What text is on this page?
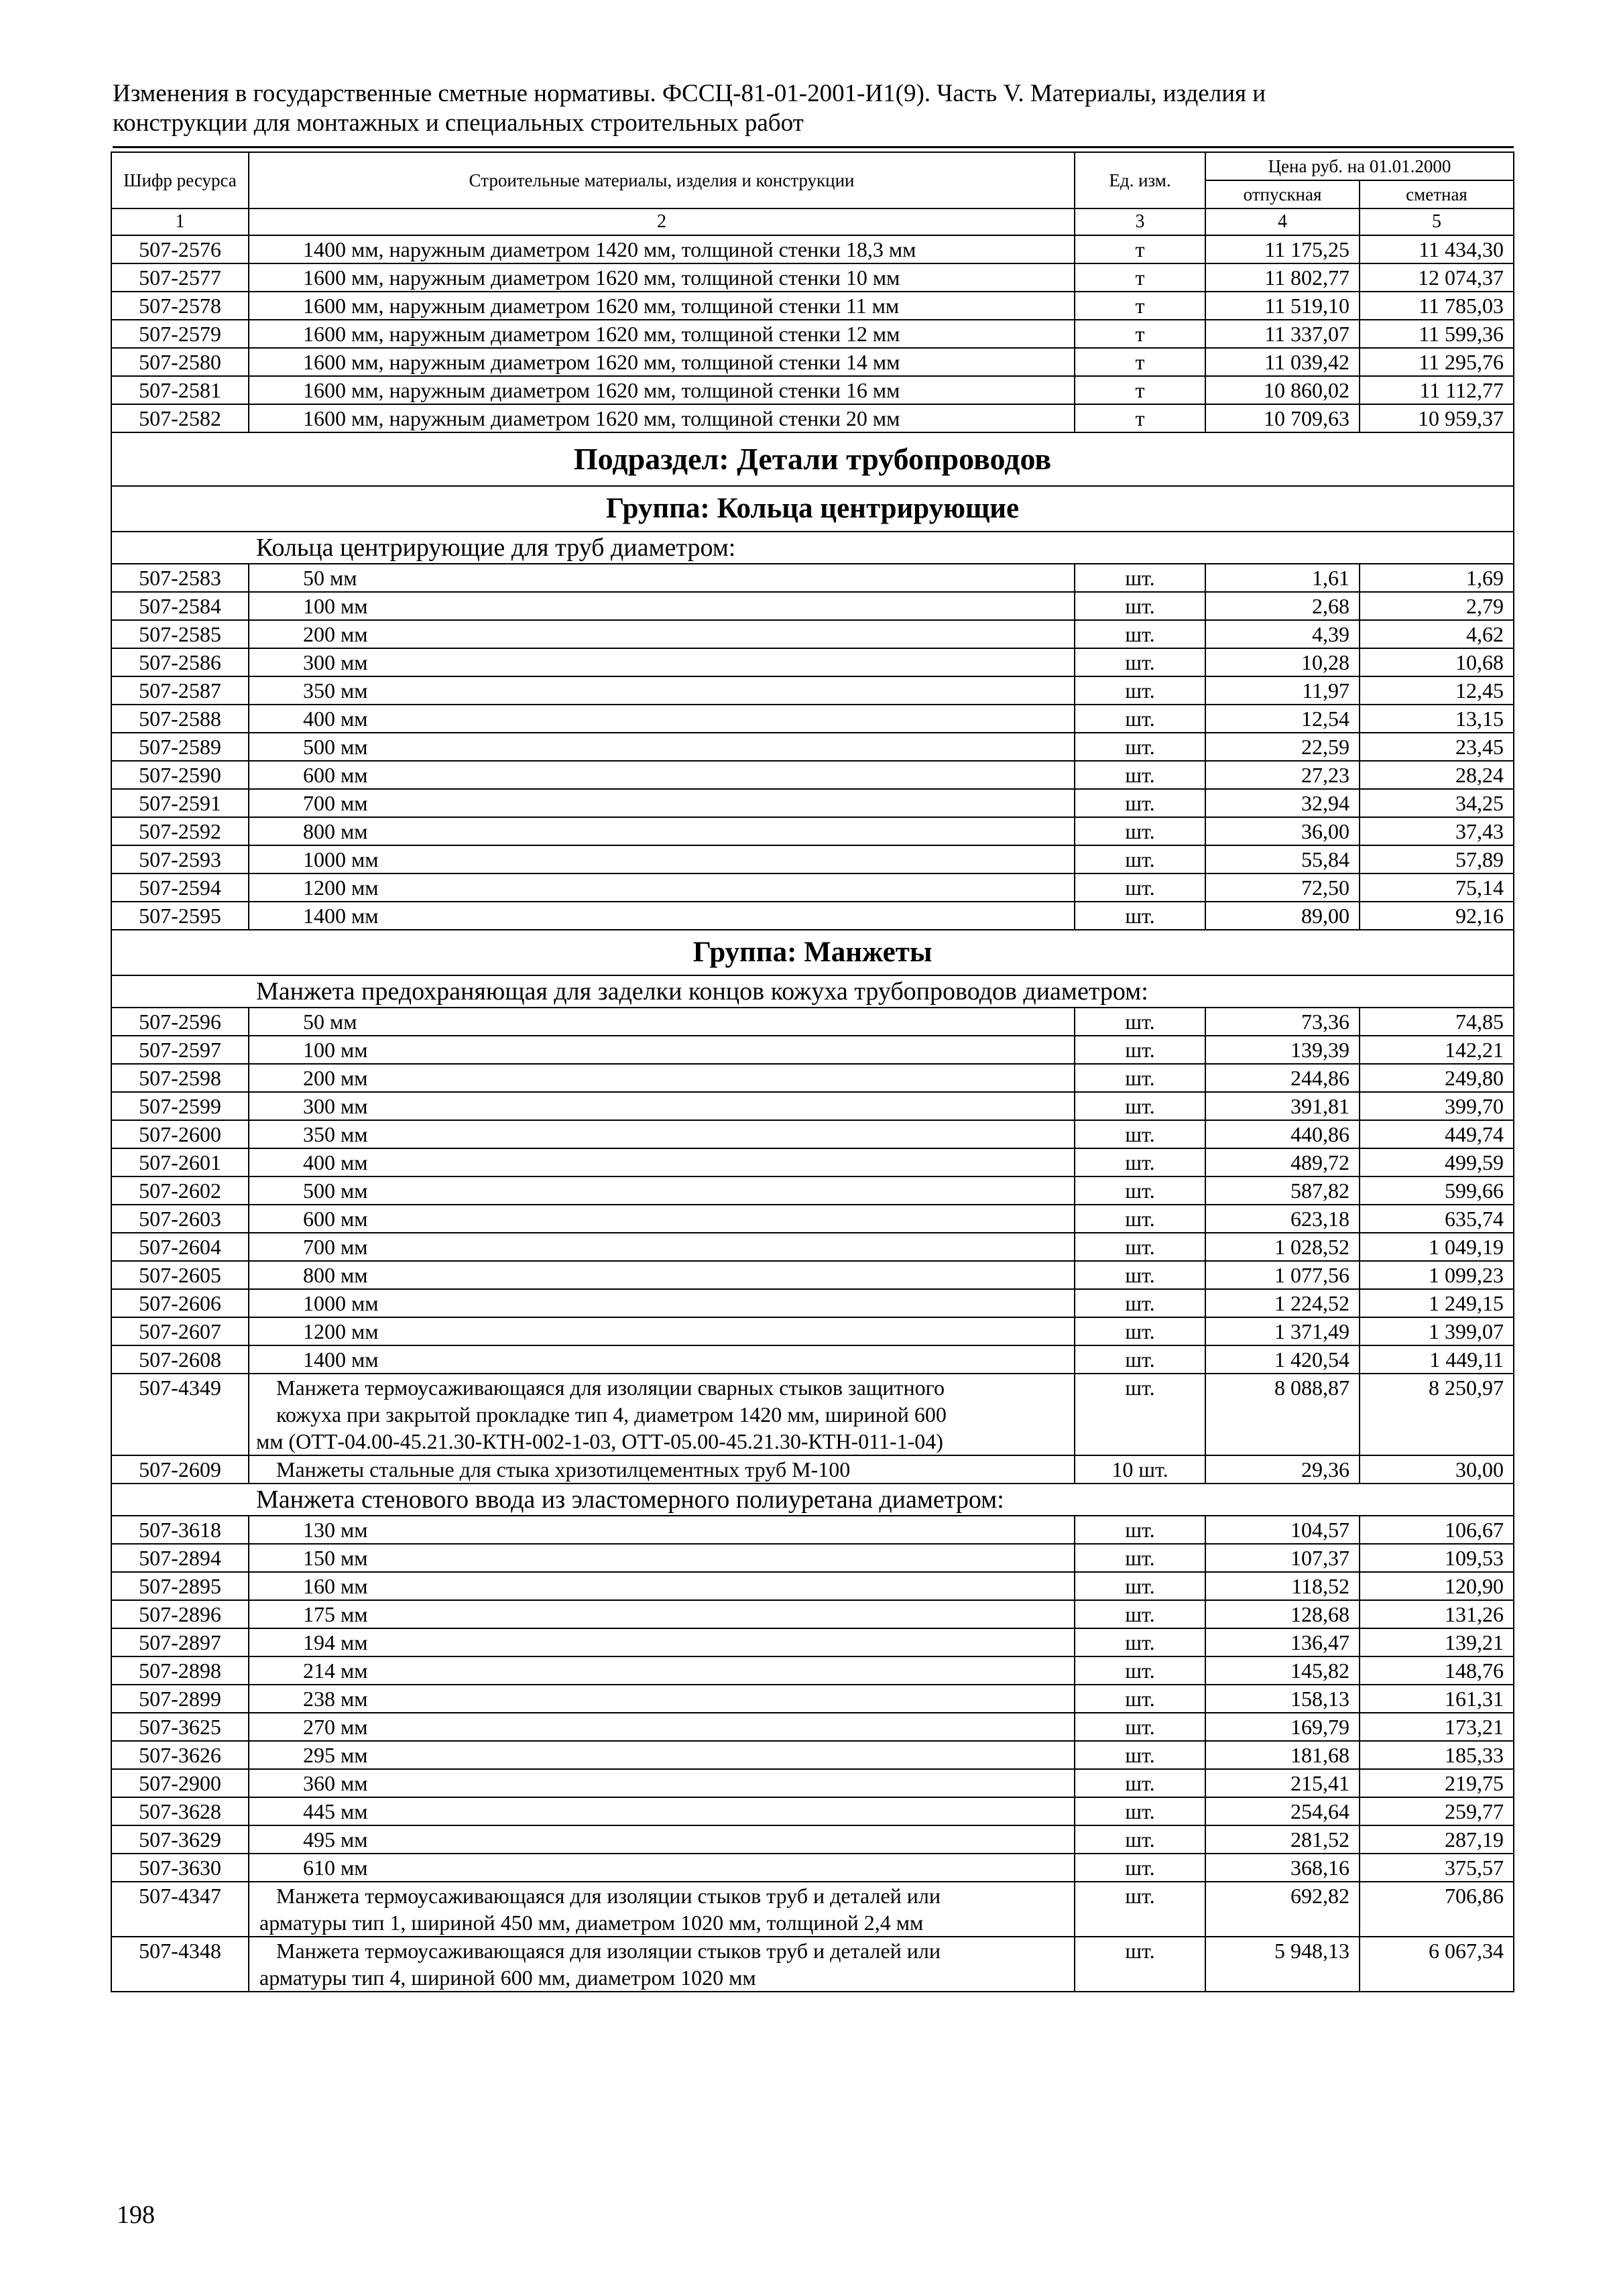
Изменения в государственные сметные нормативы. ФССЦ-81-01-2001-И1(9). Часть V. Материалы, изделия и
конструкции для монтажных и специальных строительных работ
Шифр ресурса	Строительные материалы, изделия и конструкции	Ед. изм.	Цена руб. на 01.01.2000	
			отпускная	сметная
1	2	3	4	5
507-2576	1400 мм, наружным диаметром 1420 мм, толщиной стенки 18,3 мм	т	11 175,25	11 434,30
507-2577	1600 мм, наружным диаметром 1620 мм, толщиной стенки 10 мм	т	11 802,77	12 074,37
507-2578	1600 мм, наружным диаметром 1620 мм, толщиной стенки 11 мм	т	11 519,10	11 785,03
507-2579	1600 мм, наружным диаметром 1620 мм, толщиной стенки 12 мм	т	11 337,07	11 599,36
507-2580	1600 мм, наружным диаметром 1620 мм, толщиной стенки 14 мм	т	11 039,42	11 295,76
507-2581	1600 мм, наружным диаметром 1620 мм, толщиной стенки 16 мм	т	10 860,02	11 112,77
507-2582	1600 мм, наружным диаметром 1620 мм, толщиной стенки 20 мм	т	10 709,63	10 959,37
Подраздел: Детали трубопроводов				
Группа: Кольца центрирующие				
Кольца центрирующие для труб диаметром:				
507-2583	50 мм	шт.	1,61	1,69
507-2584	100 мм	шт.	2,68	2,79
507-2585	200 мм	шт.	4,39	4,62
507-2586	300 мм	шт.	10,28	10,68
507-2587	350 мм	шт.	11,97	12,45
507-2588	400 мм	шт.	12,54	13,15
507-2589	500 мм	шт.	22,59	23,45
507-2590	600 мм	шт.	27,23	28,24
507-2591	700 мм	шт.	32,94	34,25
507-2592	800 мм	шт.	36,00	37,43
507-2593	1000 мм	шт.	55,84	57,89
507-2594	1200 мм	шт.	72,50	75,14
507-2595	1400 мм	шт.	89,00	92,16
Группа: Манжеты				
Манжета предохраняющая для заделки концов кожуха трубопроводов диаметром:				
507-2596	50 мм	шт.	73,36	74,85
507-2597	100 мм	шт.	139,39	142,21
507-2598	200 мм	шт.	244,86	249,80
507-2599	300 мм	шт.	391,81	399,70
507-2600	350 мм	шт.	440,86	449,74
507-2601	400 мм	шт.	489,72	499,59
507-2602	500 мм	шт.	587,82	599,66
507-2603	600 мм	шт.	623,18	635,74
507-2604	700 мм	шт.	1 028,52	1 049,19
507-2605	800 мм	шт.	1 077,56	1 099,23
507-2606	1000 мм	шт.	1 224,52	1 249,15
507-2607	1200 мм	шт.	1 371,49	1 399,07
507-2608	1400 мм	шт.	1 420,54	1 449,11
507-4349	Манжета термоусаживающаяся для изоляции сварных стыков защитного
кожуха при закрытой прокладке тип 4, диаметром 1420 мм, шириной 600
мм (ОТТ-04.00-45.21.30-КТН-002-1-03, ОТТ-05.00-45.21.30-КТН-011-1-04)	шт.	8 088,87	8 250,97
507-2609	Манжеты стальные для стыка хризотилцементных труб М-100	10 шт.	29,36	30,00
Манжета стенового ввода из эластомерного полиуретана диаметром:				
507-3618	130 мм	шт.	104,57	106,67
507-2894	150 мм	шт.	107,37	109,53
507-2895	160 мм	шт.	118,52	120,90
507-2896	175 мм	шт.	128,68	131,26
507-2897	194 мм	шт.	136,47	139,21
507-2898	214 мм	шт.	145,82	148,76
507-2899	238 мм	шт.	158,13	161,31
507-3625	270 мм	шт.	169,79	173,21
507-3626	295 мм	шт.	181,68	185,33
507-2900	360 мм	шт.	215,41	219,75
507-3628	445 мм	шт.	254,64	259,77
507-3629	495 мм	шт.	281,52	287,19
507-3630	610 мм	шт.	368,16	375,57
507-4347	Манжета термоусаживающаяся для изоляции стыков труб и деталей или
арматуры тип 1, шириной 450 мм, диаметром 1020 мм, толщиной 2,4 мм	шт.	692,82	706,86
507-4348	Манжета термоусаживающаяся для изоляции стыков труб и деталей или
арматуры тип 4, шириной 600 мм, диаметром 1020 мм	шт.	5 948,13	6 067,34
198
